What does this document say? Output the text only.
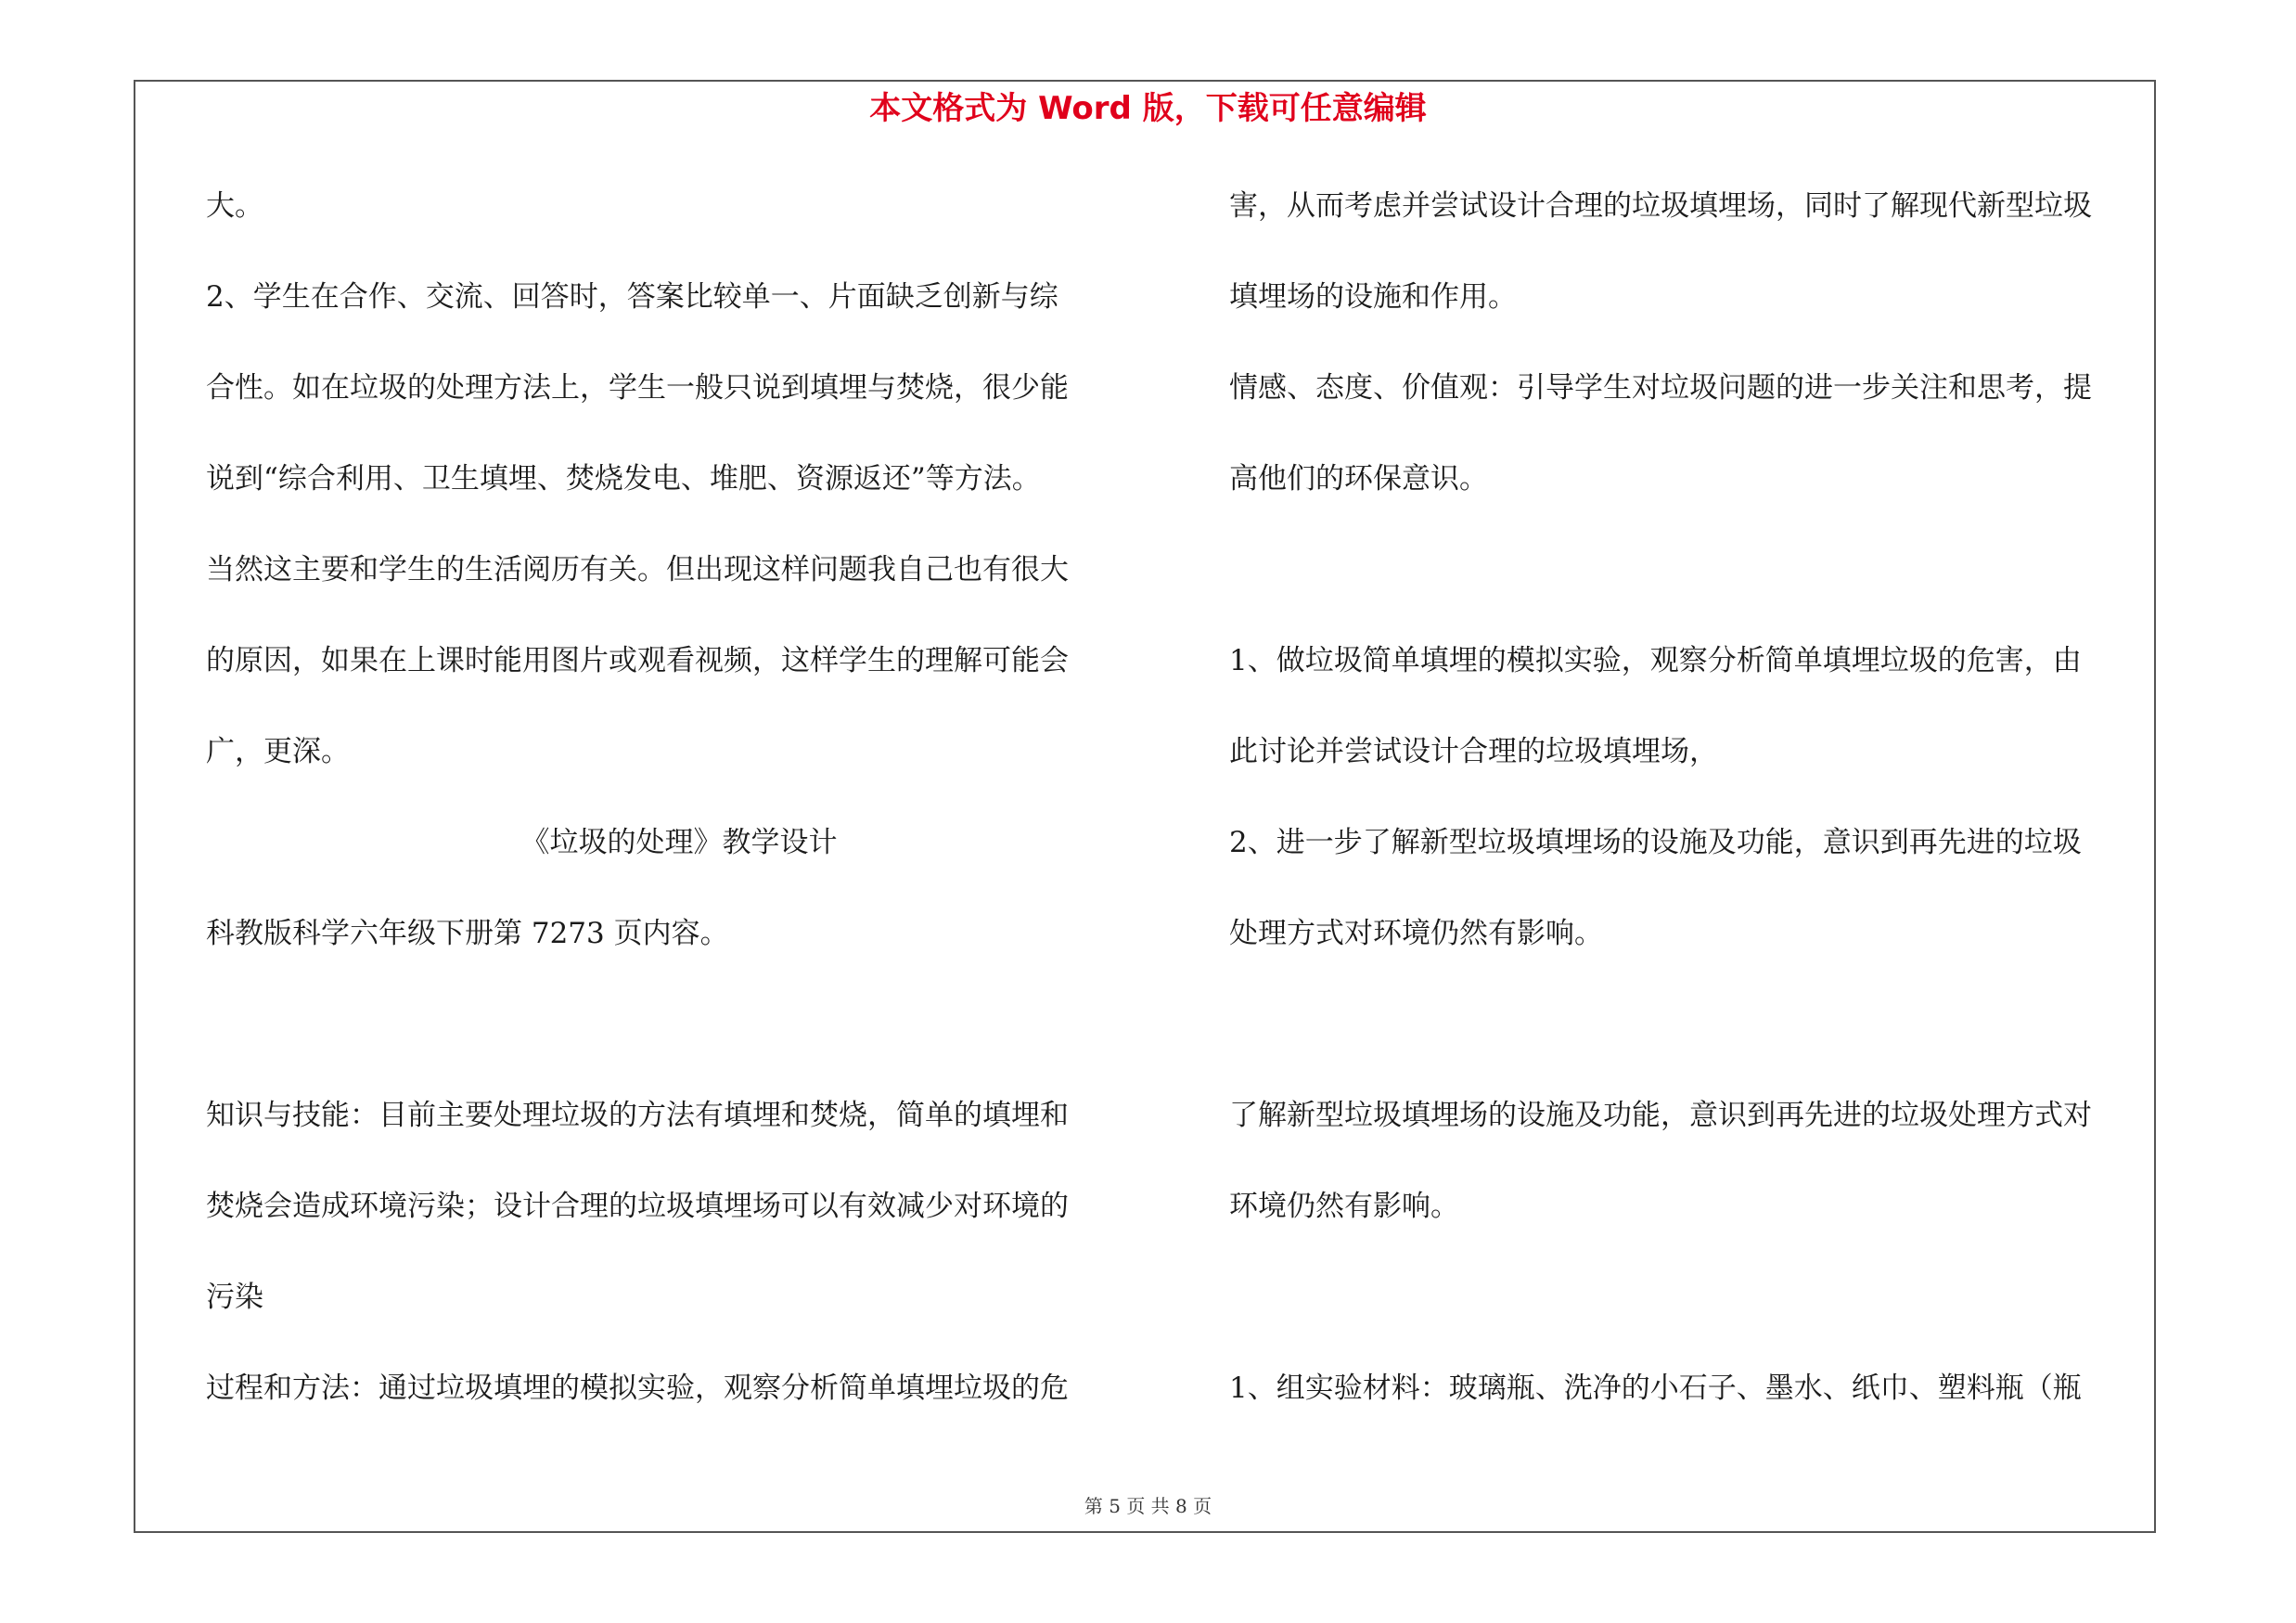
本文格式为 Word 版，下载可任意编辑
大。
2、学生在合作、交流、回答时，答案比较单一、片面缺乏创新与综
合性。如在垃圾的处理方法上，学生一般只说到填埋与焚烧，很少能
说到“综合利用、卫生填埋、焚烧发电、堆肥、资源返还”等方法。
当然这主要和学生的生活阅历有关。但出现这样问题我自己也有很大
的原因，如果在上课时能用图片或观看视频，这样学生的理解可能会
广，更深。
《垃圾的处理》教学设计
科教版科学六年级下册第 7273 页内容。
知识与技能：目前主要处理垃圾的方法有填埋和焚烧，简单的填埋和
焚烧会造成环境污染；设计合理的垃圾填埋场可以有效减少对环境的
污染
过程和方法：通过垃圾填埋的模拟实验，观察分析简单填埋垃圾的危
害，从而考虑并尝试设计合理的垃圾填埋场，同时了解现代新型垃圾
填埋场的设施和作用。
情感、态度、价值观：引导学生对垃圾问题的进一步关注和思考，提
高他们的环保意识。
1、做垃圾简单填埋的模拟实验，观察分析简单填埋垃圾的危害，由
此讨论并尝试设计合理的垃圾填埋场，
2、进一步了解新型垃圾填埋场的设施及功能，意识到再先进的垃圾
处理方式对环境仍然有影响。
了解新型垃圾填埋场的设施及功能，意识到再先进的垃圾处理方式对
环境仍然有影响。
1、组实验材料：玻璃瓶、洗净的小石子、墨水、纸巾、塑料瓶（瓶
第 5 页 共 8 页
